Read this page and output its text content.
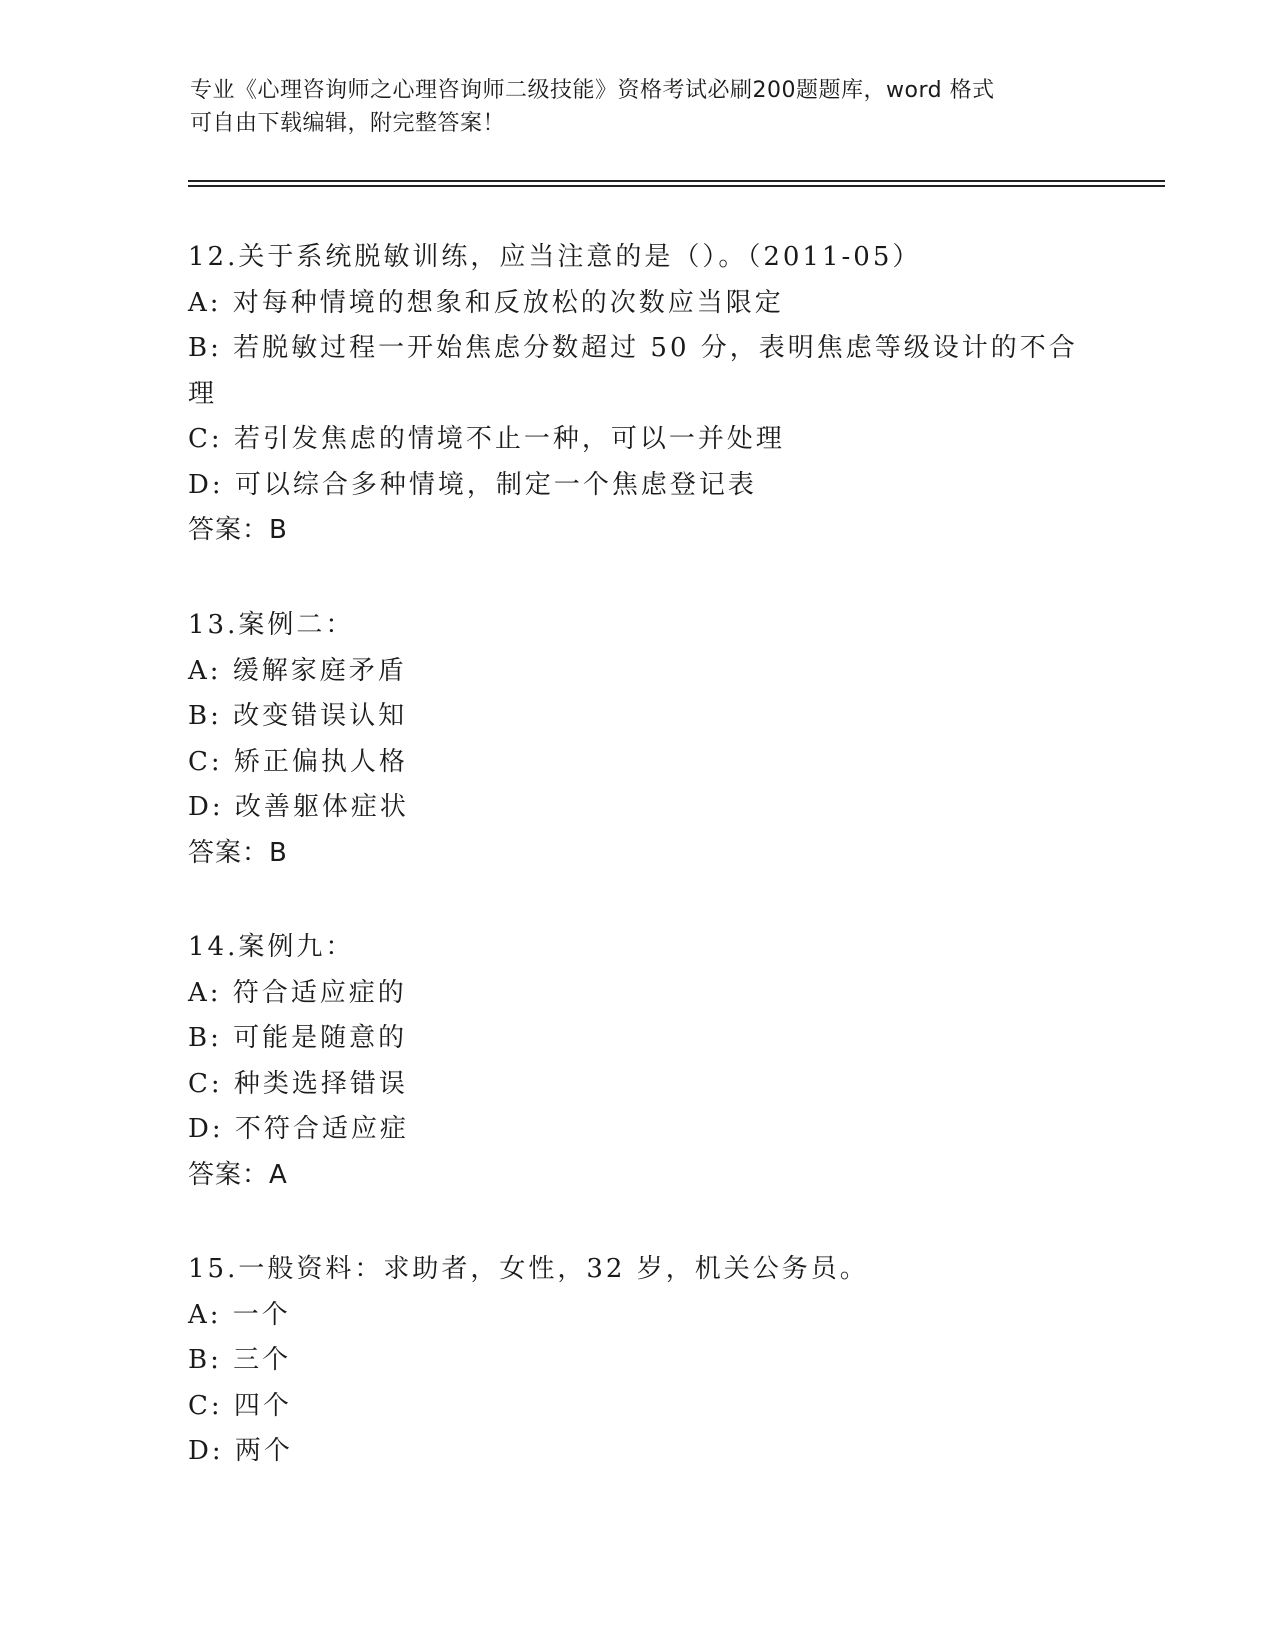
专业《心理咨询师之心理咨询师二级技能》资格考试必刷200题题库，word 格式
可自由下载编辑，附完整答案！
12.关于系统脱敏训练，应当注意的是（）。（2011-05）
A: 对每种情境的想象和反放松的次数应当限定
B: 若脱敏过程一开始焦虑分数超过 50 分，表明焦虑等级设计的不合
理
C: 若引发焦虑的情境不止一种，可以一并处理
D: 可以综合多种情境，制定一个焦虑登记表
答案：B
13.案例二：
A: 缓解家庭矛盾
B: 改变错误认知
C: 矫正偏执人格
D: 改善躯体症状
答案：B
14.案例九：
A: 符合适应症的
B: 可能是随意的
C: 种类选择错误
D: 不符合适应症
答案：A
15.一般资料：求助者，女性，32 岁，机关公务员。
A: 一个
B: 三个
C: 四个
D: 两个
